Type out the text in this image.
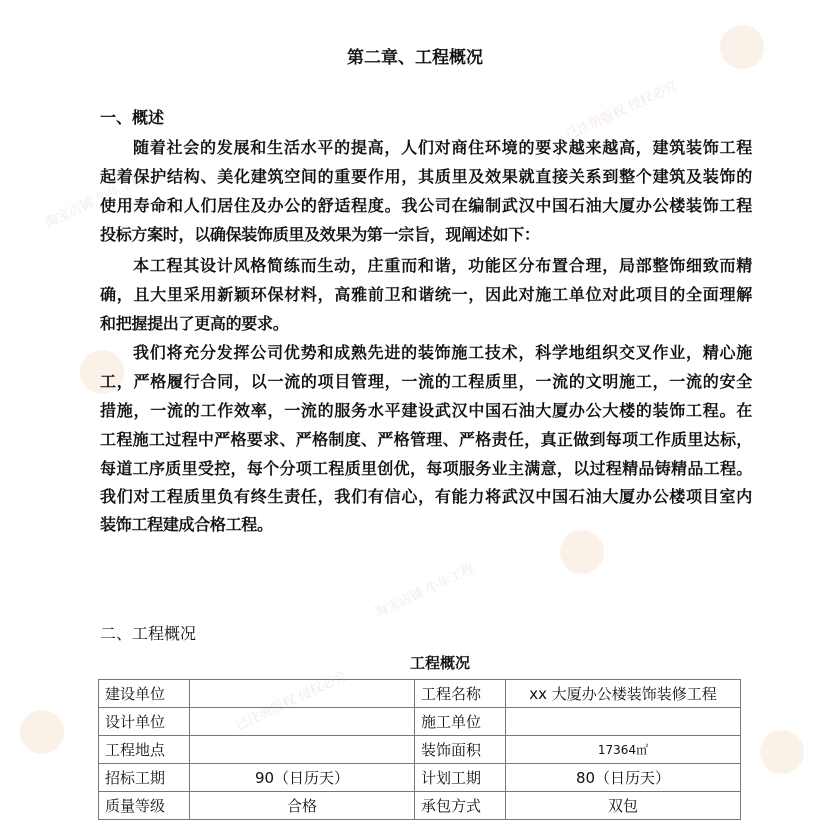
淘宝店铺 牛年工程
已注册版权 侵权必究
淘宝店铺 牛年工程
已注册版权 侵权必究
第二章、工程概况
一、概述
随着社会的发展和生活水平的提高，人们对商住环境的要求越来越高，建筑装饰工程
起着保护结构、美化建筑空间的重要作用，其质里及效果就直接关系到整个建筑及装饰的
使用寿命和人们居住及办公的舒适程度。我公司在编制武汉中国石油大厦办公楼装饰工程
投标方案时，以确保装饰质里及效果为第一宗旨，现阐述如下：
本工程其设计风格简练而生动，庄重而和谐，功能区分布置合理，局部整饰细致而精
确，且大里采用新颖环保材料，高雅前卫和谐统一，因此对施工单位对此项目的全面理解
和把握提出了更高的要求。
我们将充分发挥公司优势和成熟先进的装饰施工技术，科学地组织交叉作业，精心施
工，严格履行合同，以一流的项目管理，一流的工程质里，一流的文明施工，一流的安全
措施，一流的工作效率，一流的服务水平建设武汉中国石油大厦办公大楼的装饰工程。在
工程施工过程中严格要求、严格制度、严格管理、严格责任，真正做到每项工作质里达标，
每道工序质里受控，每个分项工程质里创优，每项服务业主满意，以过程精品铸精品工程。
我们对工程质里负有终生责任，我们有信心，有能力将武汉中国石油大厦办公楼项目室内
装饰工程建成合格工程。
二、工程概况
工程概况
建设单位		工程名称	xx 大厦办公楼装饰装修工程
设计单位		施工单位	
工程地点		装饰面积	17364㎡
招标工期	90（日历天）	计划工期	80（日历天）
质量等级	合格	承包方式	双包
